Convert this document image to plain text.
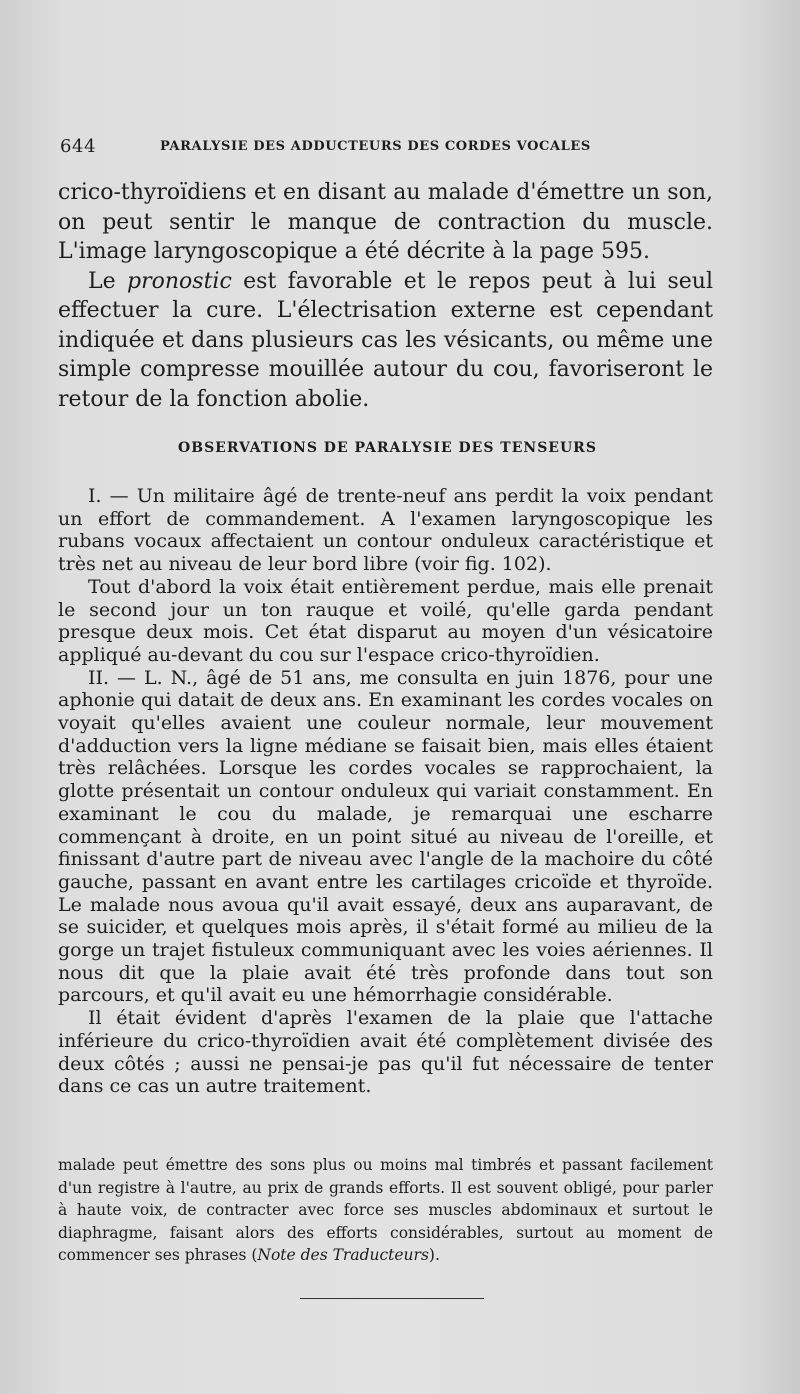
644	PARALYSIE DES ADDUCTEURS DES CORDES VOCALES

crico-thyroïdiens et en disant au malade d'émettre un son, on peut sentir le manque de contraction du muscle. L'image laryngoscopique a été décrite à la page 595.

Le pronostic est favorable et le repos peut à lui seul effectuer la cure. L'électrisation externe est cependant indiquée et dans plusieurs cas les vésicants, ou même une simple compresse mouillée autour du cou, favoriseront le retour de la fonction abolie.

OBSERVATIONS DE PARALYSIE DES TENSEURS

I. — Un militaire âgé de trente-neuf ans perdit la voix pendant un effort de commandement. A l'examen laryngoscopique les rubans vocaux affectaient un contour onduleux caractéristique et très net au niveau de leur bord libre (voir fig. 102).

Tout d'abord la voix était entièrement perdue, mais elle prenait le second jour un ton rauque et voilé, qu'elle garda pendant presque deux mois. Cet état disparut au moyen d'un vésicatoire appliqué au-devant du cou sur l'espace crico-thyroïdien.

II. — L. N., âgé de 51 ans, me consulta en juin 1876, pour une aphonie qui datait de deux ans. En examinant les cordes vocales on voyait qu'elles avaient une couleur normale, leur mouvement d'adduction vers la ligne médiane se faisait bien, mais elles étaient très relâchées. Lorsque les cordes vocales se rapprochaient, la glotte présentait un contour onduleux qui variait constamment. En examinant le cou du malade, je remarquai une escharre commençant à droite, en un point situé au niveau de l'oreille, et finissant d'autre part de niveau avec l'angle de la machoire du côté gauche, passant en avant entre les cartilages cricoïde et thyroïde. Le malade nous avoua qu'il avait essayé, deux ans auparavant, de se suicider, et quelques mois après, il s'était formé au milieu de la gorge un trajet fistuleux communiquant avec les voies aériennes. Il nous dit que la plaie avait été très profonde dans tout son parcours, et qu'il avait eu une hémorrhagie considérable.

Il était évident d'après l'examen de la plaie que l'attache inférieure du crico-thyroïdien avait été complètement divisée des deux côtés ; aussi ne pensai-je pas qu'il fut nécessaire de tenter dans ce cas un autre traitement.

malade peut émettre des sons plus ou moins mal timbrés et passant facilement d'un registre à l'autre, au prix de grands efforts. Il est souvent obligé, pour parler à haute voix, de contracter avec force ses muscles abdominaux et surtout le diaphragme, faisant alors des efforts considérables, surtout au moment de commencer ses phrases (Note des Traducteurs).
